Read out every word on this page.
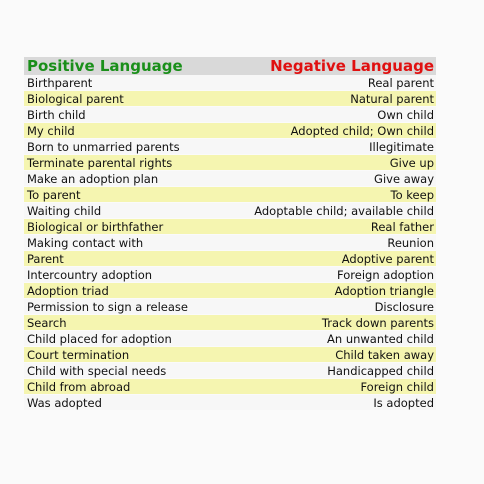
Positive Language	Negative Language
Birthparent	Real parent
Biological parent	Natural parent
Birth child	Own child
My child	Adopted child; Own child
Born to unmarried parents	Illegitimate
Terminate parental rights	Give up
Make an adoption plan	Give away
To parent	To keep
Waiting child	Adoptable child; available child
Biological or birthfather	Real father
Making contact with	Reunion
Parent	Adoptive parent
Intercountry adoption	Foreign adoption
Adoption triad	Adoption triangle
Permission to sign a release	Disclosure
Search	Track down parents
Child placed for adoption	An unwanted child
Court termination	Child taken away
Child with special needs	Handicapped child
Child from abroad	Foreign child
Was adopted	Is adopted
